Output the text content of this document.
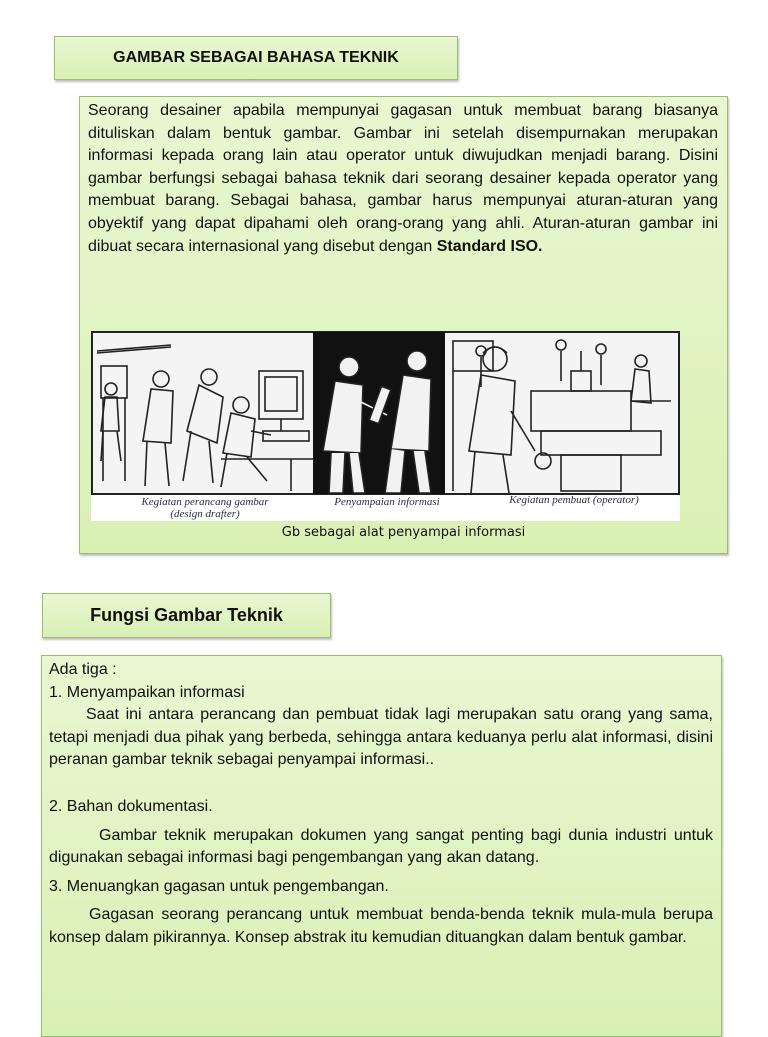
GAMBAR SEBAGAI BAHASA TEKNIK

Seorang desainer apabila mempunyai gagasan untuk membuat barang biasanya dituliskan dalam bentuk gambar. Gambar ini setelah disempurnakan merupakan informasi kepada orang lain atau operator untuk diwujudkan menjadi barang. Disini gambar berfungsi sebagai bahasa teknik dari seorang desainer kepada operator yang membuat barang. Sebagai bahasa, gambar harus mempunyai aturan-aturan yang obyektif yang dapat dipahami oleh orang-orang yang ahli. Aturan-aturan gambar ini dibuat secara internasional yang disebut dengan Standard ISO.

Kegiatan perancang gambar
(design drafter)
Penyampaian informasi	Kegiatan pembuat (operator)
Gb sebagai alat penyampai informasi
Fungsi Gambar Teknik
Ada tiga :
1. Menyampaikan informasi

Saat ini antara perancang dan pembuat tidak lagi merupakan satu orang yang sama, tetapi menjadi dua pihak yang berbeda, sehingga antara keduanya perlu alat informasi, disini peranan gambar teknik sebagai penyampai informasi..

2. Bahan dokumentasi.

Gambar teknik merupakan dokumen yang sangat penting bagi dunia industri untuk digunakan sebagai informasi bagi pengembangan yang akan datang.

3. Menuangkan gagasan untuk pengembangan.

Gagasan seorang perancang untuk membuat benda-benda teknik mula-mula berupa konsep dalam pikirannya. Konsep abstrak itu kemudian dituangkan dalam bentuk gambar.
